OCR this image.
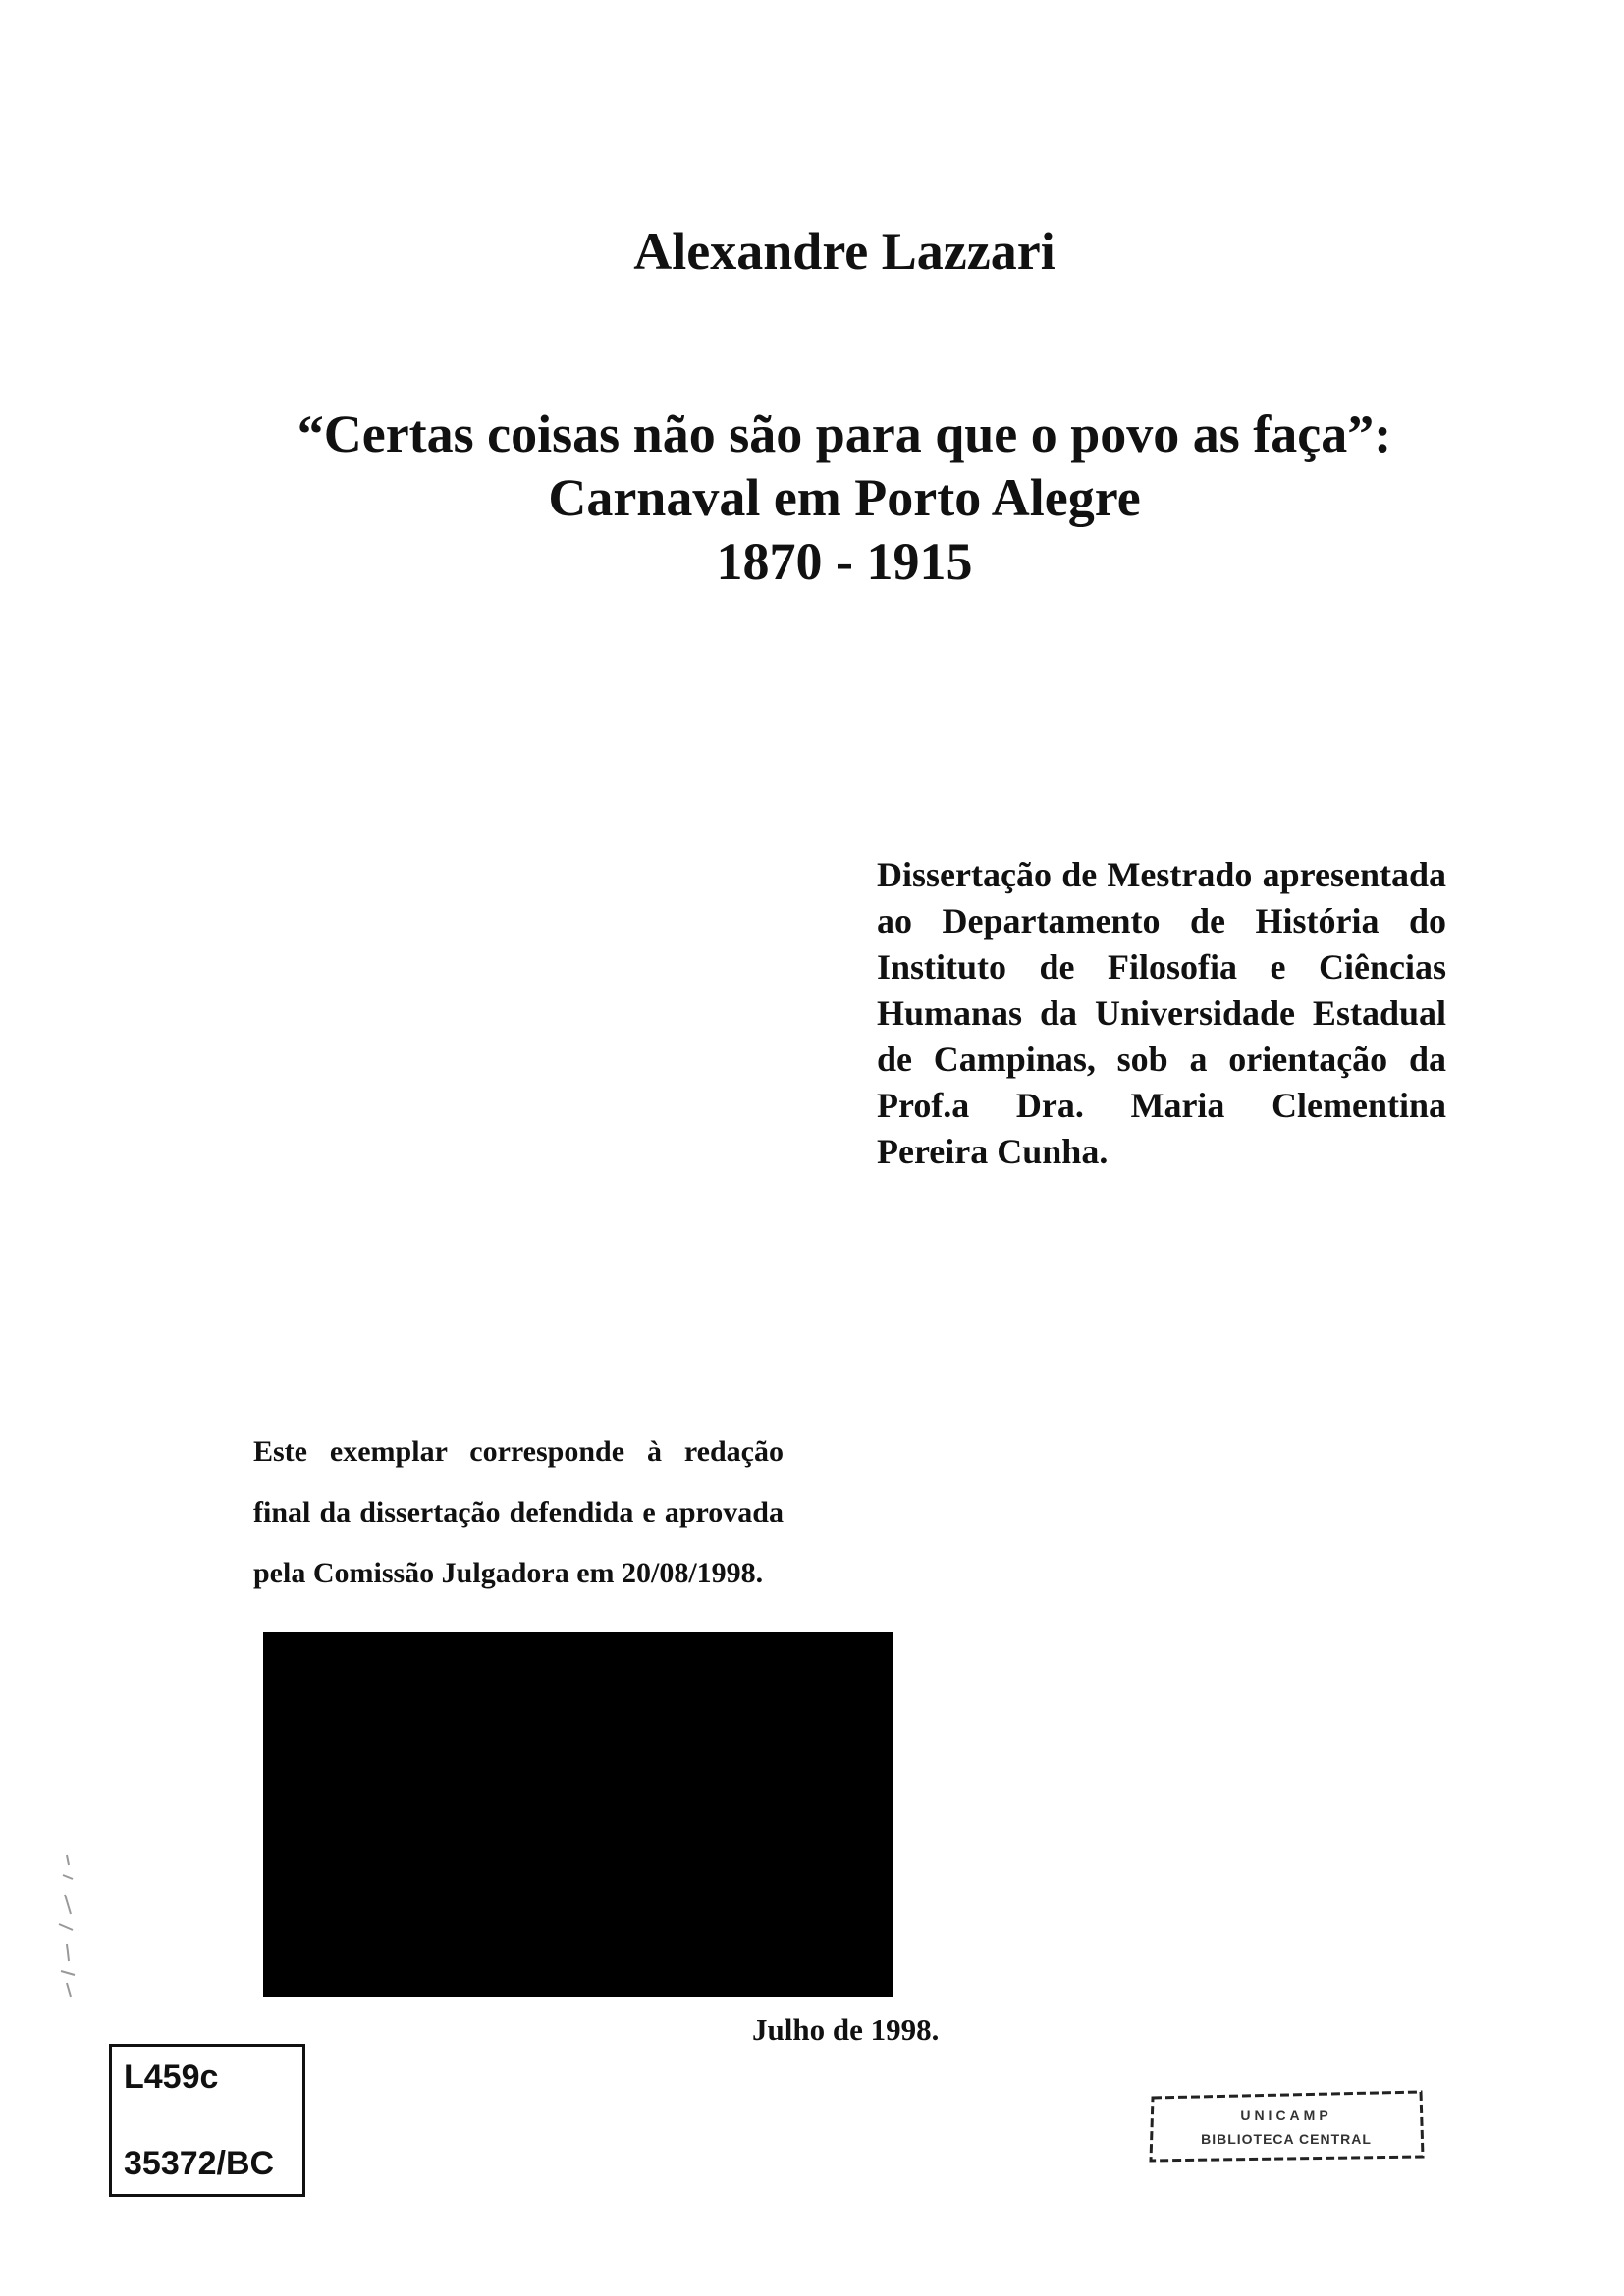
Alexandre Lazzari
“Certas coisas não são para que o povo as faça”:
Carnaval em Porto Alegre
1870 - 1915
Dissertação de Mestrado apresentada ao Departamento de História do Instituto de Filosofia e Ciências Humanas da Universidade Estadual de Campinas, sob a orientação da Prof.a Dra. Maria Clementina Pereira Cunha.
Este exemplar corresponde à redação final da dissertação defendida e aprovada pela Comissão Julgadora em 20/08/1998.
Julho de 1998.
L459c
35372/BC
UNICAMP
BIBLIOTECA CENTRAL
